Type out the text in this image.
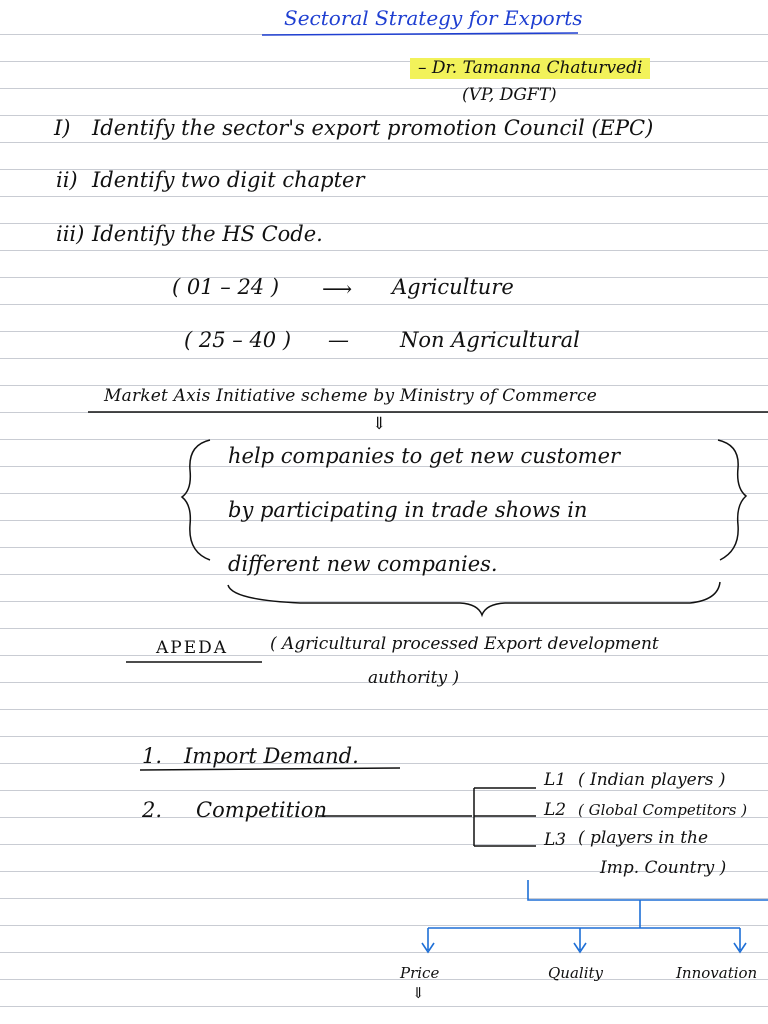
Sectoral Strategy for Exports
– Dr. Tamanna Chaturvedi
(VP, DGFT)
I) Identify the sector's export promotion Council (EPC)
ii) Identify two digit chapter
iii) Identify the HS Code.
( 01 – 24 ) ⟶ Agriculture
( 25 – 40 ) — Non Agricultural
Market Axis Initiative scheme by Ministry of Commerce
⇓
help companies to get new customer
by participating in trade shows in
different new companies.
APEDA ( Agricultural processed Export development
authority )
1. Import Demand.
2. Competition
L1 ( Indian players )
L2 ( Global Competitors )
L3 ( players in the
Imp. Country )
Price
⇓
Quality	Innovation
